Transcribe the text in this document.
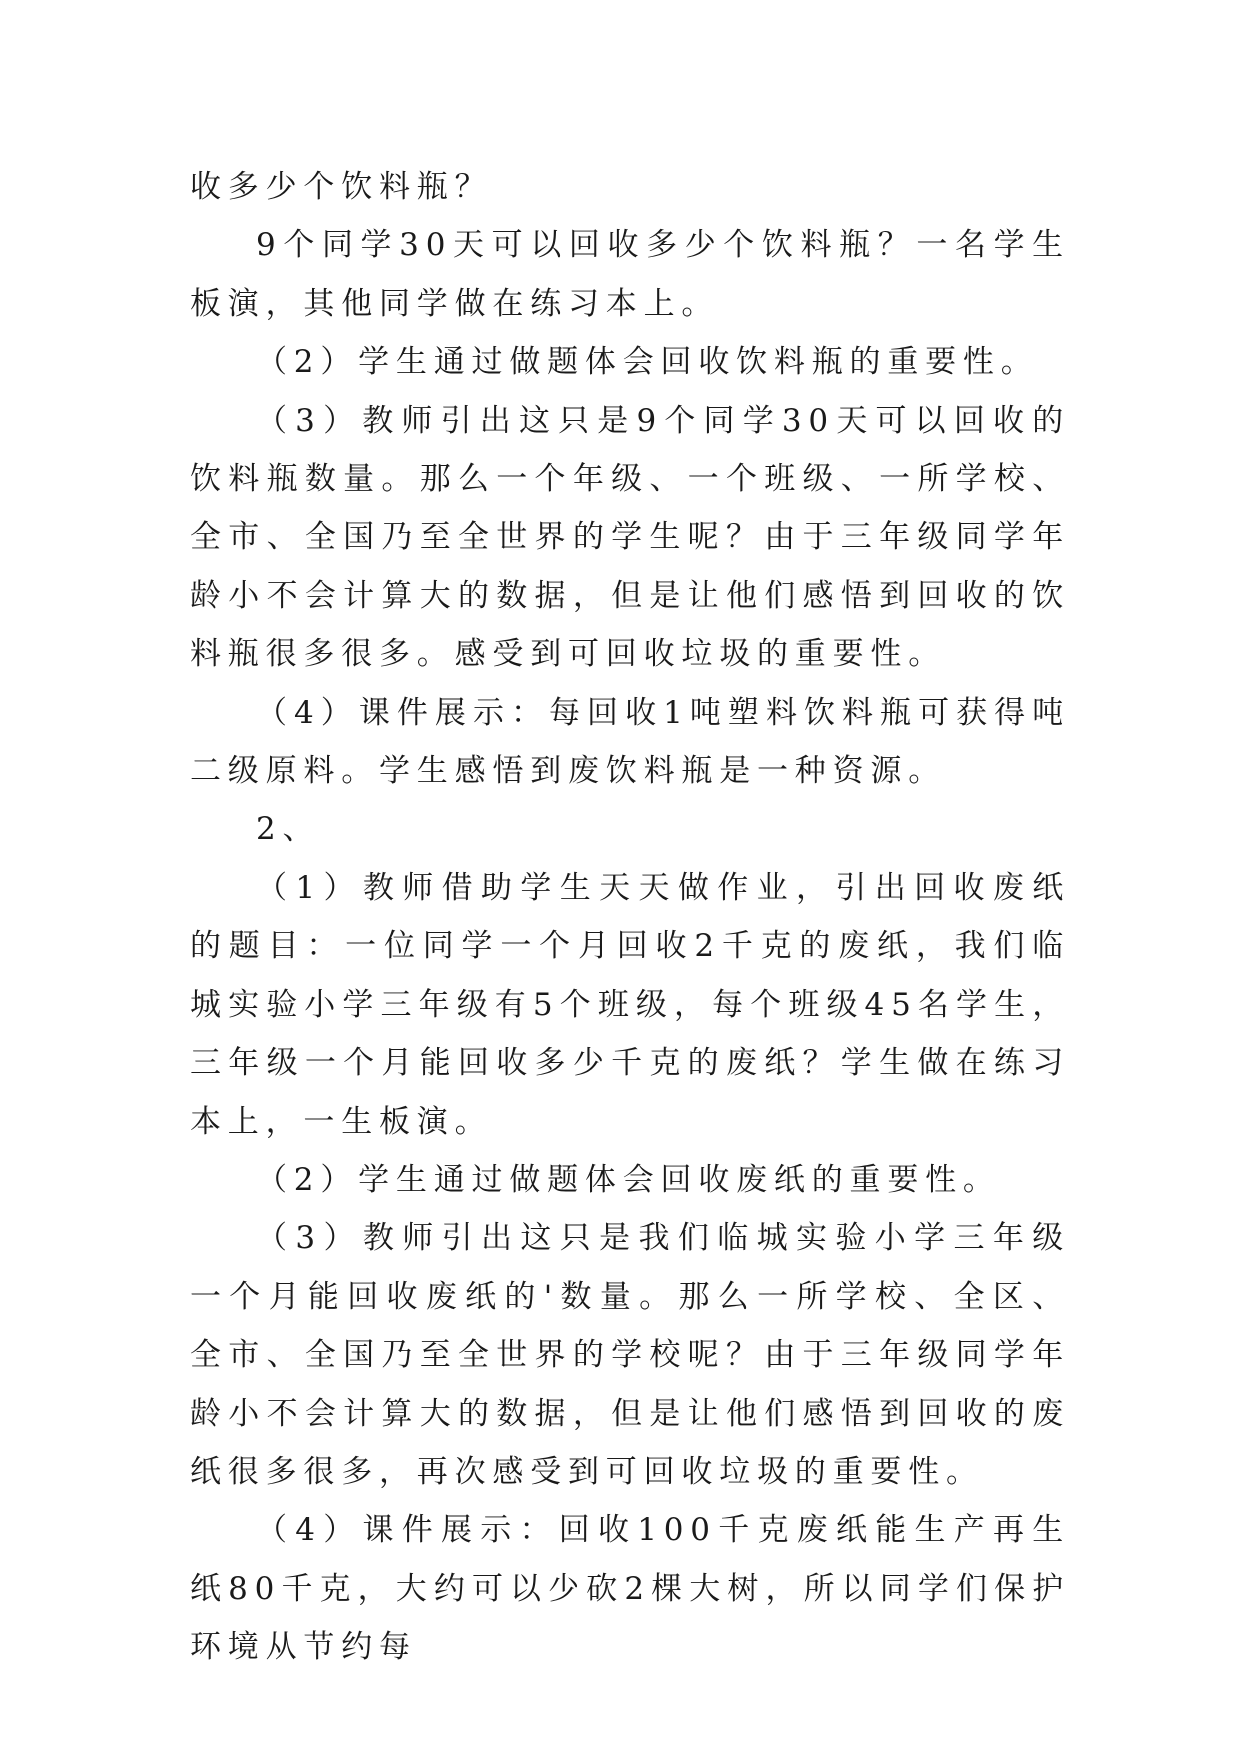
收多少个饮料瓶？

9个同学30天可以回收多少个饮料瓶？一名学生板演，其他同学做在练习本上。

（2）学生通过做题体会回收饮料瓶的重要性。

（3）教师引出这只是9个同学30天可以回收的饮料瓶数量。那么一个年级、一个班级、一所学校、全市、全国乃至全世界的学生呢？由于三年级同学年龄小不会计算大的数据，但是让他们感悟到回收的饮料瓶很多很多。感受到可回收垃圾的重要性。

（4）课件展示：每回收1吨塑料饮料瓶可获得吨二级原料。学生感悟到废饮料瓶是一种资源。

2、

（1）教师借助学生天天做作业，引出回收废纸的题目：一位同学一个月回收2千克的废纸，我们临城实验小学三年级有5个班级，每个班级45名学生，三年级一个月能回收多少千克的废纸？学生做在练习本上，一生板演。

（2）学生通过做题体会回收废纸的重要性。

（3）教师引出这只是我们临城实验小学三年级一个月能回收废纸的'数量。那么一所学校、全区、全市、全国乃至全世界的学校呢？由于三年级同学年龄小不会计算大的数据，但是让他们感悟到回收的废纸很多很多，再次感受到可回收垃圾的重要性。

（4）课件展示：回收100千克废纸能生产再生纸80千克，大约可以少砍2棵大树，所以同学们保护环境从节约每
